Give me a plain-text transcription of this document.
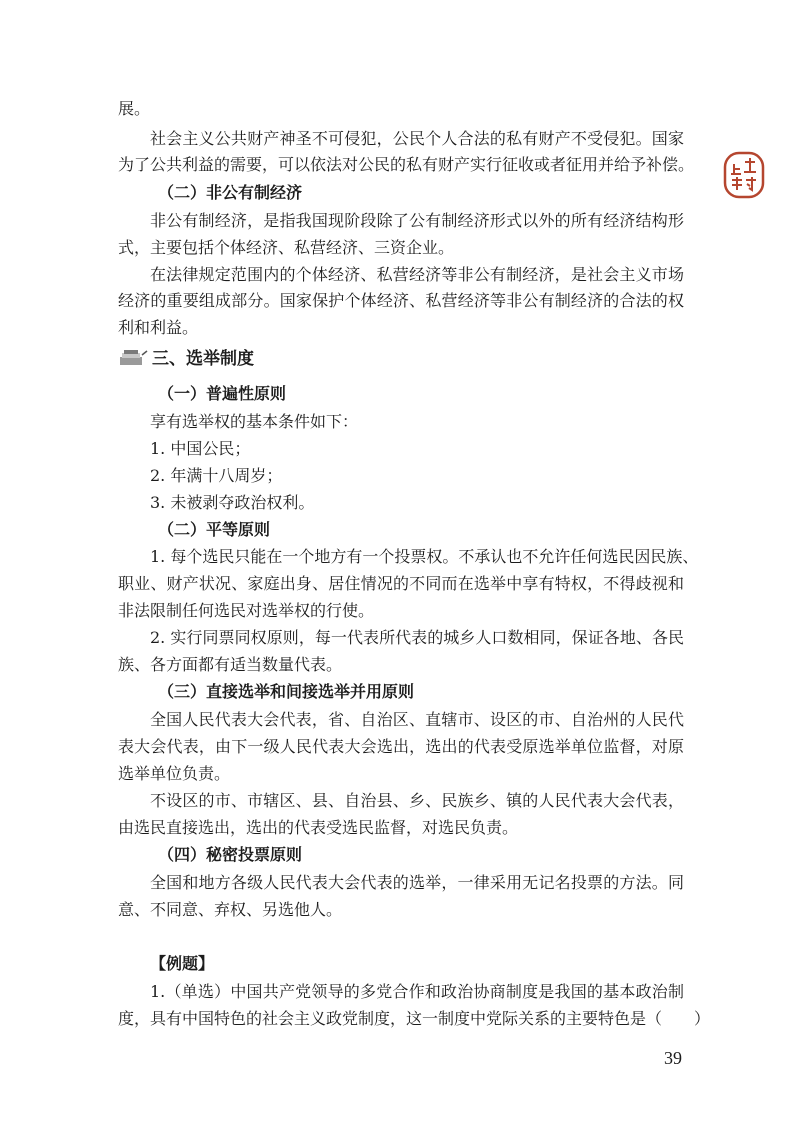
展。
社会主义公共财产神圣不可侵犯，公民个人合法的私有财产不受侵犯。国家
为了公共利益的需要，可以依法对公民的私有财产实行征收或者征用并给予补偿。
（二）非公有制经济
非公有制经济，是指我国现阶段除了公有制经济形式以外的所有经济结构形
式，主要包括个体经济、私营经济、三资企业。
在法律规定范围内的个体经济、私营经济等非公有制经济，是社会主义市场
经济的重要组成部分。国家保护个体经济、私营经济等非公有制经济的合法的权
利和利益。
三、选举制度
（一）普遍性原则
享有选举权的基本条件如下：
1. 中国公民；
2. 年满十八周岁；
3. 未被剥夺政治权利。
（二）平等原则
1. 每个选民只能在一个地方有一个投票权。不承认也不允许任何选民因民族、
职业、财产状况、家庭出身、居住情况的不同而在选举中享有特权，不得歧视和
非法限制任何选民对选举权的行使。
2. 实行同票同权原则，每一代表所代表的城乡人口数相同，保证各地、各民
族、各方面都有适当数量代表。
（三）直接选举和间接选举并用原则
全国人民代表大会代表，省、自治区、直辖市、设区的市、自治州的人民代
表大会代表，由下一级人民代表大会选出，选出的代表受原选举单位监督，对原
选举单位负责。
不设区的市、市辖区、县、自治县、乡、民族乡、镇的人民代表大会代表，
由选民直接选出，选出的代表受选民监督，对选民负责。
（四）秘密投票原则
全国和地方各级人民代表大会代表的选举，一律采用无记名投票的方法。同
意、不同意、弃权、另选他人。
【例题】
1.（单选）中国共产党领导的多党合作和政治协商制度是我国的基本政治制
度，具有中国特色的社会主义政党制度，这一制度中党际关系的主要特色是（　　）
39
